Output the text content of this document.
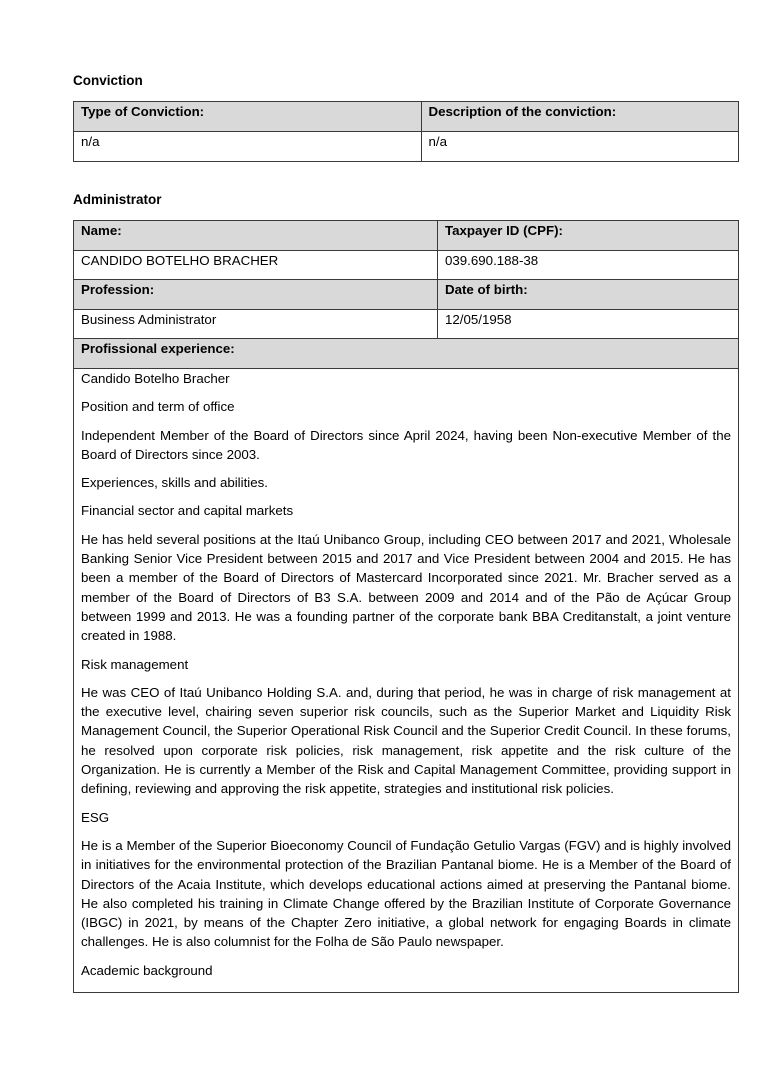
Conviction
Type of Conviction:	Description of the conviction:
n/a	n/a
Administrator
Name:	Taxpayer ID (CPF):
CANDIDO BOTELHO BRACHER	039.690.188-38
Profession:	Date of birth:
Business Administrator	12/05/1958
Profissional experience:	

Candido Botelho Bracher

Position and term of office

Independent Member of the Board of Directors since April 2024, having been Non-executive Member of the Board of Directors since 2003.

Experiences, skills and abilities.

Financial sector and capital markets

He has held several positions at the Itaú Unibanco Group, including CEO between 2017 and 2021, Wholesale Banking Senior Vice President between 2015 and 2017 and Vice President between 2004 and 2015. He has been a member of the Board of Directors of Mastercard Incorporated since 2021. Mr. Bracher served as a member of the Board of Directors of B3 S.A. between 2009 and 2014 and of the Pão de Açúcar Group between 1999 and 2013. He was a founding partner of the corporate bank BBA Creditanstalt, a joint venture created in 1988.

Risk management

He was CEO of Itaú Unibanco Holding S.A. and, during that period, he was in charge of risk management at the executive level, chairing seven superior risk councils, such as the Superior Market and Liquidity Risk Management Council, the Superior Operational Risk Council and the Superior Credit Council. In these forums, he resolved upon corporate risk policies, risk management, risk appetite and the risk culture of the Organization. He is currently a Member of the Risk and Capital Management Committee, providing support in defining, reviewing and approving the risk appetite, strategies and institutional risk policies.

ESG

He is a Member of the Superior Bioeconomy Council of Fundação Getulio Vargas (FGV) and is highly involved in initiatives for the environmental protection of the Brazilian Pantanal biome. He is a Member of the Board of Directors of the Acaia Institute, which develops educational actions aimed at preserving the Pantanal biome. He also completed his training in Climate Change offered by the Brazilian Institute of Corporate Governance (IBGC) in 2021, by means of the Chapter Zero initiative, a global network for engaging Boards in climate challenges. He is also columnist for the Folha de São Paulo newspaper.

Academic background
